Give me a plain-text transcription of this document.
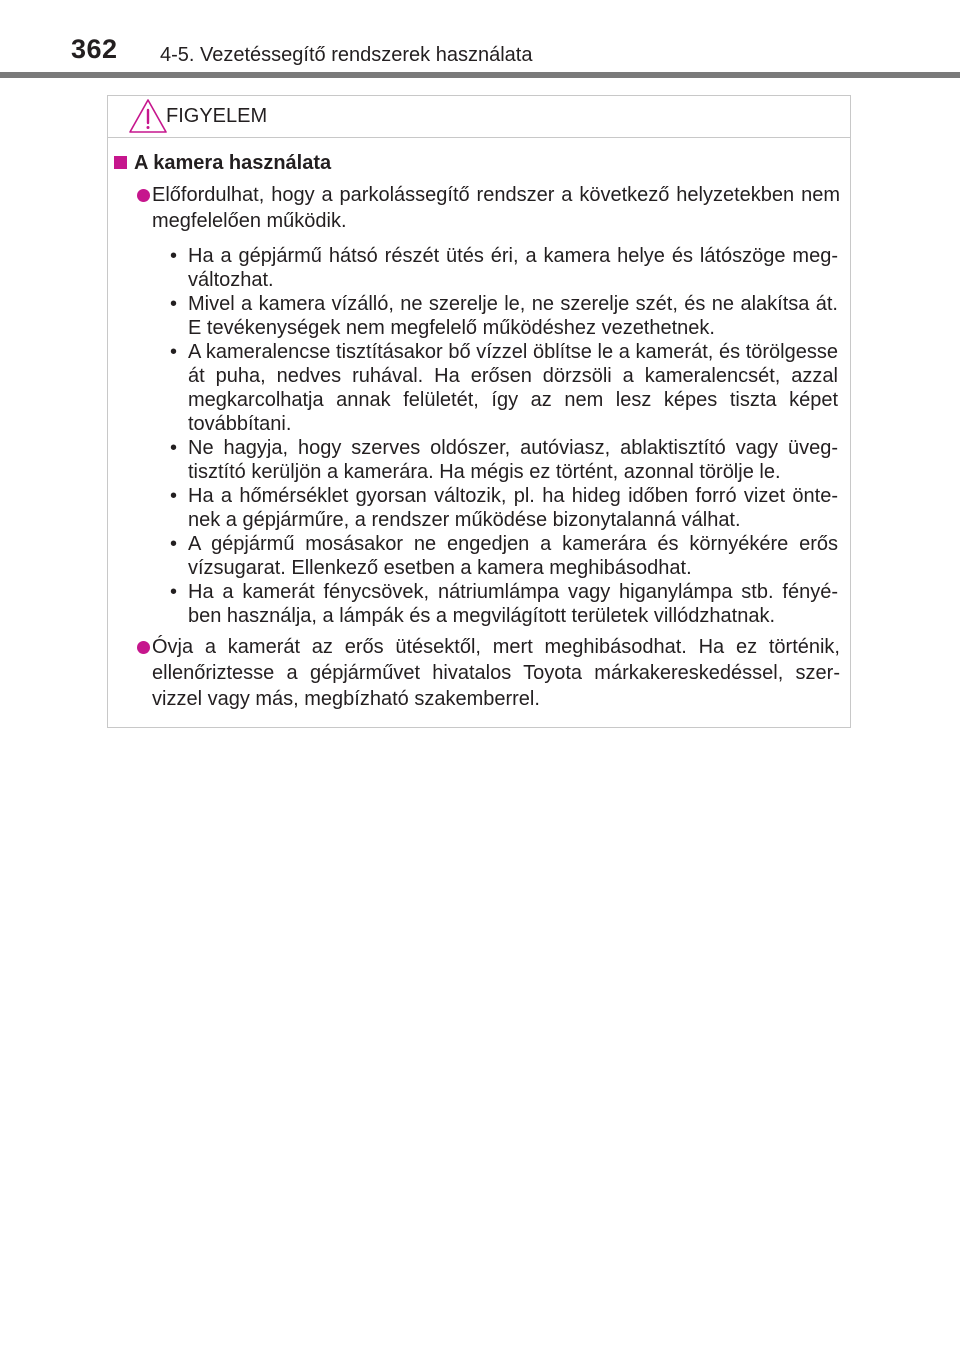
362 4-5. Vezetéssegítő rendszerek használata
FIGYELEM
A kamera használata
Előfordulhat, hogy a parkolássegítő rendszer a következő helyzetekben nem megfelelően működik.
• Ha a gépjármű hátsó részét ütés éri, a kamera helye és látószöge megváltozhat.
• Mivel a kamera vízálló, ne szerelje le, ne szerelje szét, és ne alakítsa át. E tevékenységek nem megfelelő működéshez vezethetnek.
• A kameralencse tisztításakor bő vízzel öblítse le a kamerát, és törölgesse át puha, nedves ruhával. Ha erősen dörzsöli a kameralencsét, azzal megkarcolhatja annak felületét, így az nem lesz képes tiszta képet továbbítani.
• Ne hagyja, hogy szerves oldószer, autóviasz, ablaktisztító vagy üvegtisztító kerüljön a kamerára. Ha mégis ez történt, azonnal törölje le.
• Ha a hőmérséklet gyorsan változik, pl. ha hideg időben forró vizet öntenek a gépjárműre, a rendszer működése bizonytalanná válhat.
• A gépjármű mosásakor ne engedjen a kamerára és környékére erős vízsugarat. Ellenkező esetben a kamera meghibásodhat.
• Ha a kamerát fénycsövek, nátriumlámpa vagy higanylámpa stb. fényében használja, a lámpák és a megvilágított területek villódzhatnak.
Óvja a kamerát az erős ütésektől, mert meghibásodhat. Ha ez történik, ellenőriztesse a gépjárművet hivatalos Toyota márkakereskedéssel, szervizzel vagy más, megbízható szakemberrel.
